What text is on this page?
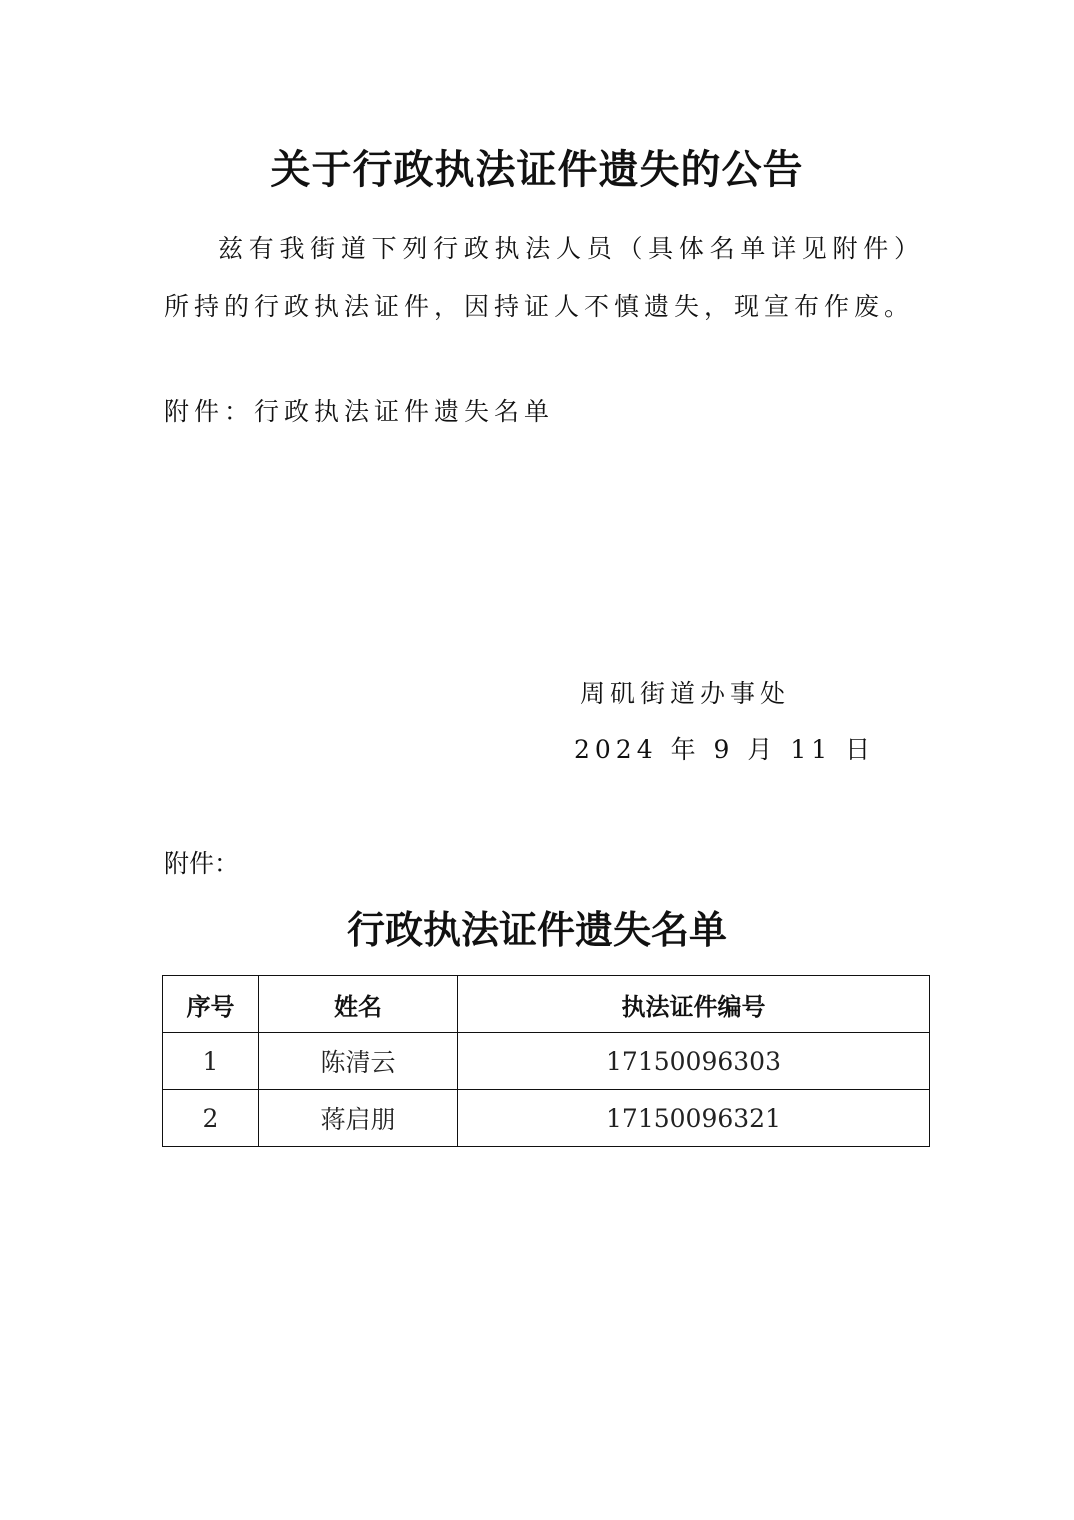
关于行政执法证件遗失的公告
兹有我街道下列行政执法人员（具体名单详见附件）所持的行政执法证件，因持证人不慎遗失，现宣布作废。
附件：行政执法证件遗失名单
周矶街道办事处
2024 年 9 月 11 日
附件：
行政执法证件遗失名单
序号	姓名	执法证件编号
1	陈清云	17150096303
2	蒋启朋	17150096321
